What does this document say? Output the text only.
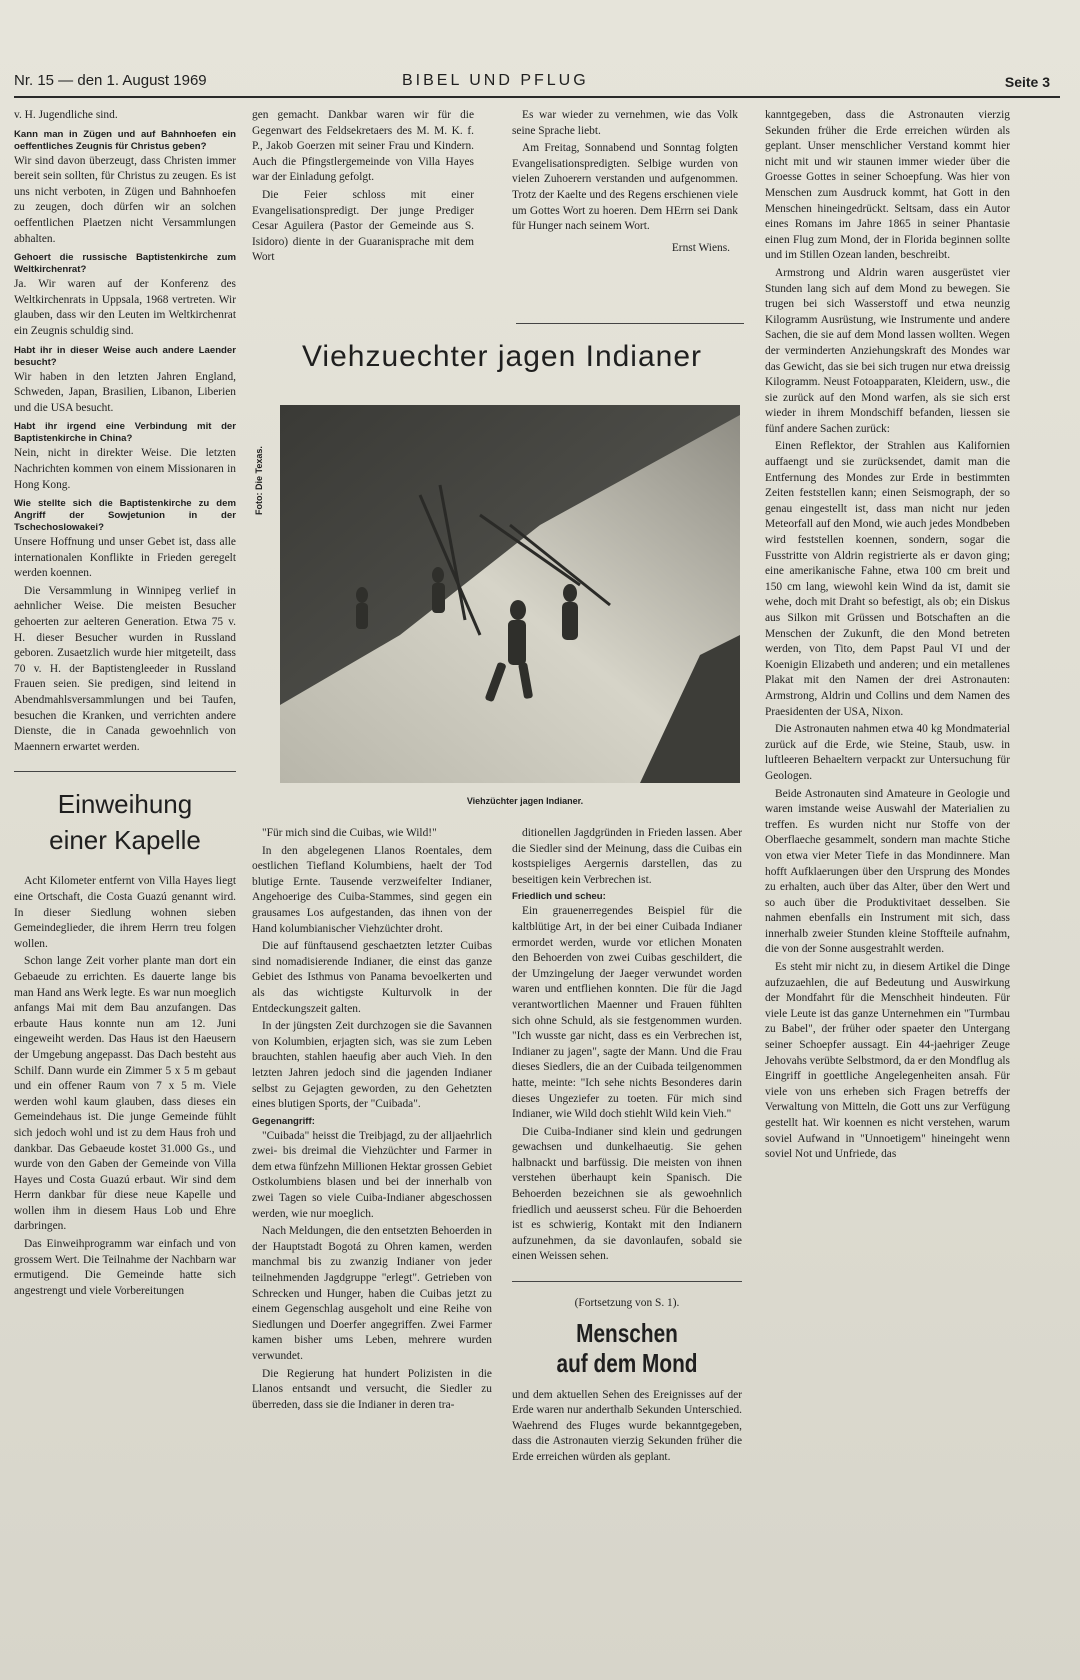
Nr. 15 — den 1. August 1969	BIBEL UND PFLUG	Seite 3

v. H. Jugendliche sind.

Kann man in Zügen und auf Bahnhoefen ein oeffentliches Zeugnis für Christus geben?

Wir sind davon überzeugt, dass Christen immer bereit sein sollten, für Christus zu zeugen. Es ist uns nicht verboten, in Zügen und Bahnhoefen zu zeugen, doch dürfen wir an solchen oeffentlichen Plaetzen nicht Versammlungen abhalten.

Gehoert die russische Baptistenkirche zum Weltkirchenrat?

Ja. Wir waren auf der Konferenz des Weltkirchenrats in Uppsala, 1968 vertreten. Wir glauben, dass wir den Leuten im Weltkirchenrat ein Zeugnis schuldig sind.

Habt ihr in dieser Weise auch andere Laender besucht?

Wir haben in den letzten Jahren England, Schweden, Japan, Brasilien, Libanon, Liberien und die USA besucht.

Habt ihr irgend eine Verbindung mit der Baptistenkirche in China?

Nein, nicht in direkter Weise. Die letzten Nachrichten kommen von einem Missionaren in Hong Kong.

Wie stellte sich die Baptistenkirche zu dem Angriff der Sowjetunion in der Tschechoslowakei?

Unsere Hoffnung und unser Gebet ist, dass alle internationalen Konflikte in Frieden geregelt werden koennen.

Die Versammlung in Winnipeg verlief in aehnlicher Weise. Die meisten Besucher gehoerten zur aelteren Generation. Etwa 75 v. H. dieser Besucher wurden in Russland geboren. Zusaetzlich wurde hier mitgeteilt, dass 70 v. H. der Baptistengleeder in Russland Frauen seien. Sie predigen, sind leitend in Abendmahlsversammlungen und bei Taufen, besuchen die Kranken, und verrichten andere Dienste, die in Canada gewoehnlich von Maennern erwartet werden.

Einweihung
einer Kapelle

Acht Kilometer entfernt von Villa Hayes liegt eine Ortschaft, die Costa Guazú genannt wird. In dieser Siedlung wohnen sieben Gemeindeglieder, die ihrem Herrn treu folgen wollen.

Schon lange Zeit vorher plante man dort ein Gebaeude zu errichten. Es dauerte lange bis man Hand ans Werk legte. Es war nun moeglich anfangs Mai mit dem Bau anzufangen. Das erbaute Haus konnte nun am 12. Juni eingeweiht werden. Das Haus ist den Haeusern der Umgebung angepasst. Das Dach besteht aus Schilf. Dann wurde ein Zimmer 5 x 5 m gebaut und ein offener Raum von 7 x 5 m. Viele werden wohl kaum glauben, dass dieses ein Gemeindehaus ist. Die junge Gemeinde fühlt sich jedoch wohl und ist zu dem Haus froh und dankbar. Das Gebaeude kostet 31.000 Gs., und wurde von den Gaben der Gemeinde von Villa Hayes und Costa Guazú erbaut. Wir sind dem Herrn dankbar für diese neue Kapelle und wollen ihm in diesem Haus Lob und Ehre darbringen.

Das Einweihprogramm war einfach und von grossem Wert. Die Teilnahme der Nachbarn war ermutigend. Die Gemeinde hatte sich angestrengt und viele Vorbereitungen

gen gemacht. Dankbar waren wir für die Gegenwart des Feldsekretaers des M. M. K. f. P., Jakob Goerzen mit seiner Frau und Kindern. Auch die Pfingstlergemeinde von Villa Hayes war der Einladung gefolgt.

Die Feier schloss mit einer Evangelisationspredigt. Der junge Prediger Cesar Aguilera (Pastor der Gemeinde aus S. Isidoro) diente in der Guaranisprache mit dem Wort

Es war wieder zu vernehmen, wie das Volk seine Sprache liebt.

Am Freitag, Sonnabend und Sonntag folgten Evangelisationspredigten. Selbige wurden von vielen Zuhoerern verstanden und aufgenommen. Trotz der Kaelte und des Regens erschienen viele um Gottes Wort zu hoeren. Dem HErrn sei Dank für Hunger nach seinem Wort.

Ernst Wiens.
Viehzuechter jagen Indianer
Foto: Die Texas.
Viehzüchter jagen Indianer.

"Für mich sind die Cuibas, wie Wild!"

In den abgelegenen Llanos Roentales, dem oestlichen Tiefland Kolumbiens, haelt der Tod blutige Ernte. Tausende verzweifelter Indianer, Angehoerige des Cuiba-Stammes, sind gegen ein grausames Los aufgestanden, das ihnen von der Hand kolumbianischer Viehzüchter droht.

Die auf fünftausend geschaetzten letzter Cuibas sind nomadisierende Indianer, die einst das ganze Gebiet des Isthmus von Panama bevoelkerten und als das wichtigste Kulturvolk in der Entdeckungszeit galten.

In der jüngsten Zeit durchzogen sie die Savannen von Kolumbien, erjagten sich, was sie zum Leben brauchten, stahlen haeufig aber auch Vieh. In den letzten Jahren jedoch sind die jagenden Indianer selbst zu Gejagten geworden, zu den Gehetzten eines blutigen Sports, der "Cuibada".

Gegenangriff:

"Cuibada" heisst die Treibjagd, zu der alljaehrlich zwei- bis dreimal die Viehzüchter und Farmer in dem etwa fünfzehn Millionen Hektar grossen Gebiet Ostkolumbiens blasen und bei der innerhalb von zwei Tagen so viele Cuiba-Indianer abgeschossen werden, wie nur moeglich.

Nach Meldungen, die den entsetzten Behoerden in der Hauptstadt Bogotá zu Ohren kamen, werden manchmal bis zu zwanzig Indianer von jeder teilnehmenden Jagdgruppe "erlegt". Getrieben von Schrecken und Hunger, haben die Cuibas jetzt zu einem Gegenschlag ausgeholt und eine Reihe von Siedlungen und Doerfer angegriffen. Zwei Farmer kamen bisher ums Leben, mehrere wurden verwundet.

Die Regierung hat hundert Polizisten in die Llanos entsandt und versucht, die Siedler zu überreden, dass sie die Indianer in deren tra-

ditionellen Jagdgründen in Frieden lassen. Aber die Siedler sind der Meinung, dass die Cuibas ein kostspieliges Aergernis darstellen, das zu beseitigen kein Verbrechen ist.

Friedlich und scheu:

Ein grauenerregendes Beispiel für die kaltblütige Art, in der bei einer Cuibada Indianer ermordet werden, wurde vor etlichen Monaten den Behoerden von zwei Cuibas geschildert, die der Umzingelung der Jaeger verwundet worden waren und entfliehen konnten. Die für die Jagd verantwortlichen Maenner und Frauen fühlten sich ohne Schuld, als sie festgenommen wurden. "Ich wusste gar nicht, dass es ein Verbrechen ist, Indianer zu jagen", sagte der Mann. Und die Frau dieses Siedlers, die an der Cuibada teilgenommen hatte, meinte: "Ich sehe nichts Besonderes darin dieses Ungeziefer zu toeten. Für mich sind Indianer, wie Wild doch stiehlt Wild kein Vieh."

Die Cuiba-Indianer sind klein und gedrungen gewachsen und dunkelhaeutig. Sie gehen halbnackt und barfüssig. Die meisten von ihnen verstehen überhaupt kein Spanisch. Die Behoerden bezeichnen sie als gewoehnlich friedlich und aeusserst scheu. Für die Behoerden ist es schwierig, Kontakt mit den Indianern aufzunehmen, da sie davonlaufen, sobald sie einen Weissen sehen.

(Fortsetzung von S. 1).
Menschen
auf dem Mond

und dem aktuellen Sehen des Ereignisses auf der Erde waren nur anderthalb Sekunden Unterschied. Waehrend des Fluges wurde bekanntgegeben, dass die Astronauten vierzig Sekunden früher die Erde erreichen würden als geplant.

kanntgegeben, dass die Astronauten vierzig Sekunden früher die Erde erreichen würden als geplant. Unser menschlicher Verstand kommt hier nicht mit und wir staunen immer wieder über die Groesse Gottes in seiner Schoepfung. Was hier von Menschen zum Ausdruck kommt, hat Gott in den Menschen hineingedrückt. Seltsam, dass ein Autor eines Romans im Jahre 1865 in seiner Phantasie einen Flug zum Mond, der in Florida beginnen sollte und im Stillen Ozean landen, beschreibt.

Armstrong und Aldrin waren ausgerüstet vier Stunden lang sich auf dem Mond zu bewegen. Sie trugen bei sich Wasserstoff und etwa neunzig Kilogramm Ausrüstung, wie Instrumente und andere Sachen, die sie auf dem Mond lassen wollten. Wegen der verminderten Anziehungskraft des Mondes war das Gewicht, das sie bei sich trugen nur etwa dreissig Kilogramm. Neust Fotoapparaten, Kleidern, usw., die sie zurück auf den Mond warfen, als sie sich erst wieder in ihrem Mondschiff befanden, liessen sie fünf andere Sachen zurück:

Einen Reflektor, der Strahlen aus Kalifornien auffaengt und sie zurücksendet, damit man die Entfernung des Mondes zur Erde in bestimmten Zeiten feststellen kann; einen Seismograph, der so genau eingestellt ist, dass man nicht nur jeden Meteorfall auf den Mond, wie auch jedes Mondbeben wird feststellen koennen, sondern, sogar die Fusstritte von Aldrin registrierte als er davon ging; eine amerikanische Fahne, etwa 100 cm breit und 150 cm lang, wiewohl kein Wind da ist, damit sie wehe, doch mit Draht so befestigt, als ob; ein Diskus aus Silkon mit Grüssen und Botschaften an die Menschen der Zukunft, die den Mond betreten werden, von Tito, dem Papst Paul VI und der Koenigin Elizabeth und anderen; und ein metallenes Plakat mit den Namen der drei Astronauten: Armstrong, Aldrin und Collins und dem Namen des Praesidenten der USA, Nixon.

Die Astronauten nahmen etwa 40 kg Mondmaterial zurück auf die Erde, wie Steine, Staub, usw. in luftleeren Behaeltern verpackt zur Untersuchung für Geologen.

Beide Astronauten sind Amateure in Geologie und waren imstande weise Auswahl der Materialien zu treffen. Es wurden nicht nur Stoffe von der Oberflaeche gesammelt, sondern man machte Stiche von etwa vier Meter Tiefe in das Mondinnere. Man hofft Aufklaerungen über den Ursprung des Mondes zu erhalten, auch über das Alter, über den Wert und so auch über die Produktivitaet desselben. Sie nahmen ebenfalls ein Instrument mit sich, dass innerhalb zweier Stunden kleine Stoffteile aufnahm, die von der Sonne ausgestrahlt werden.

Es steht mir nicht zu, in diesem Artikel die Dinge aufzuzaehlen, die auf Bedeutung und Auswirkung der Mondfahrt für die Menschheit hindeuten. Für viele Leute ist das ganze Unternehmen ein "Turmbau zu Babel", der früher oder spaeter den Untergang seiner Schoepfer aussagt. Ein 44-jaehriger Zeuge Jehovahs verübte Selbstmord, da er den Mondflug als Eingriff in goettliche Angelegenheiten ansah. Für viele von uns erheben sich Fragen betreffs der Verwaltung von Mitteln, die Gott uns zur Verfügung gestellt hat. Wir koennen es nicht verstehen, warum soviel Aufwand in "Unnoetigem" hineingeht wenn soviel Not und Unfriede, das
